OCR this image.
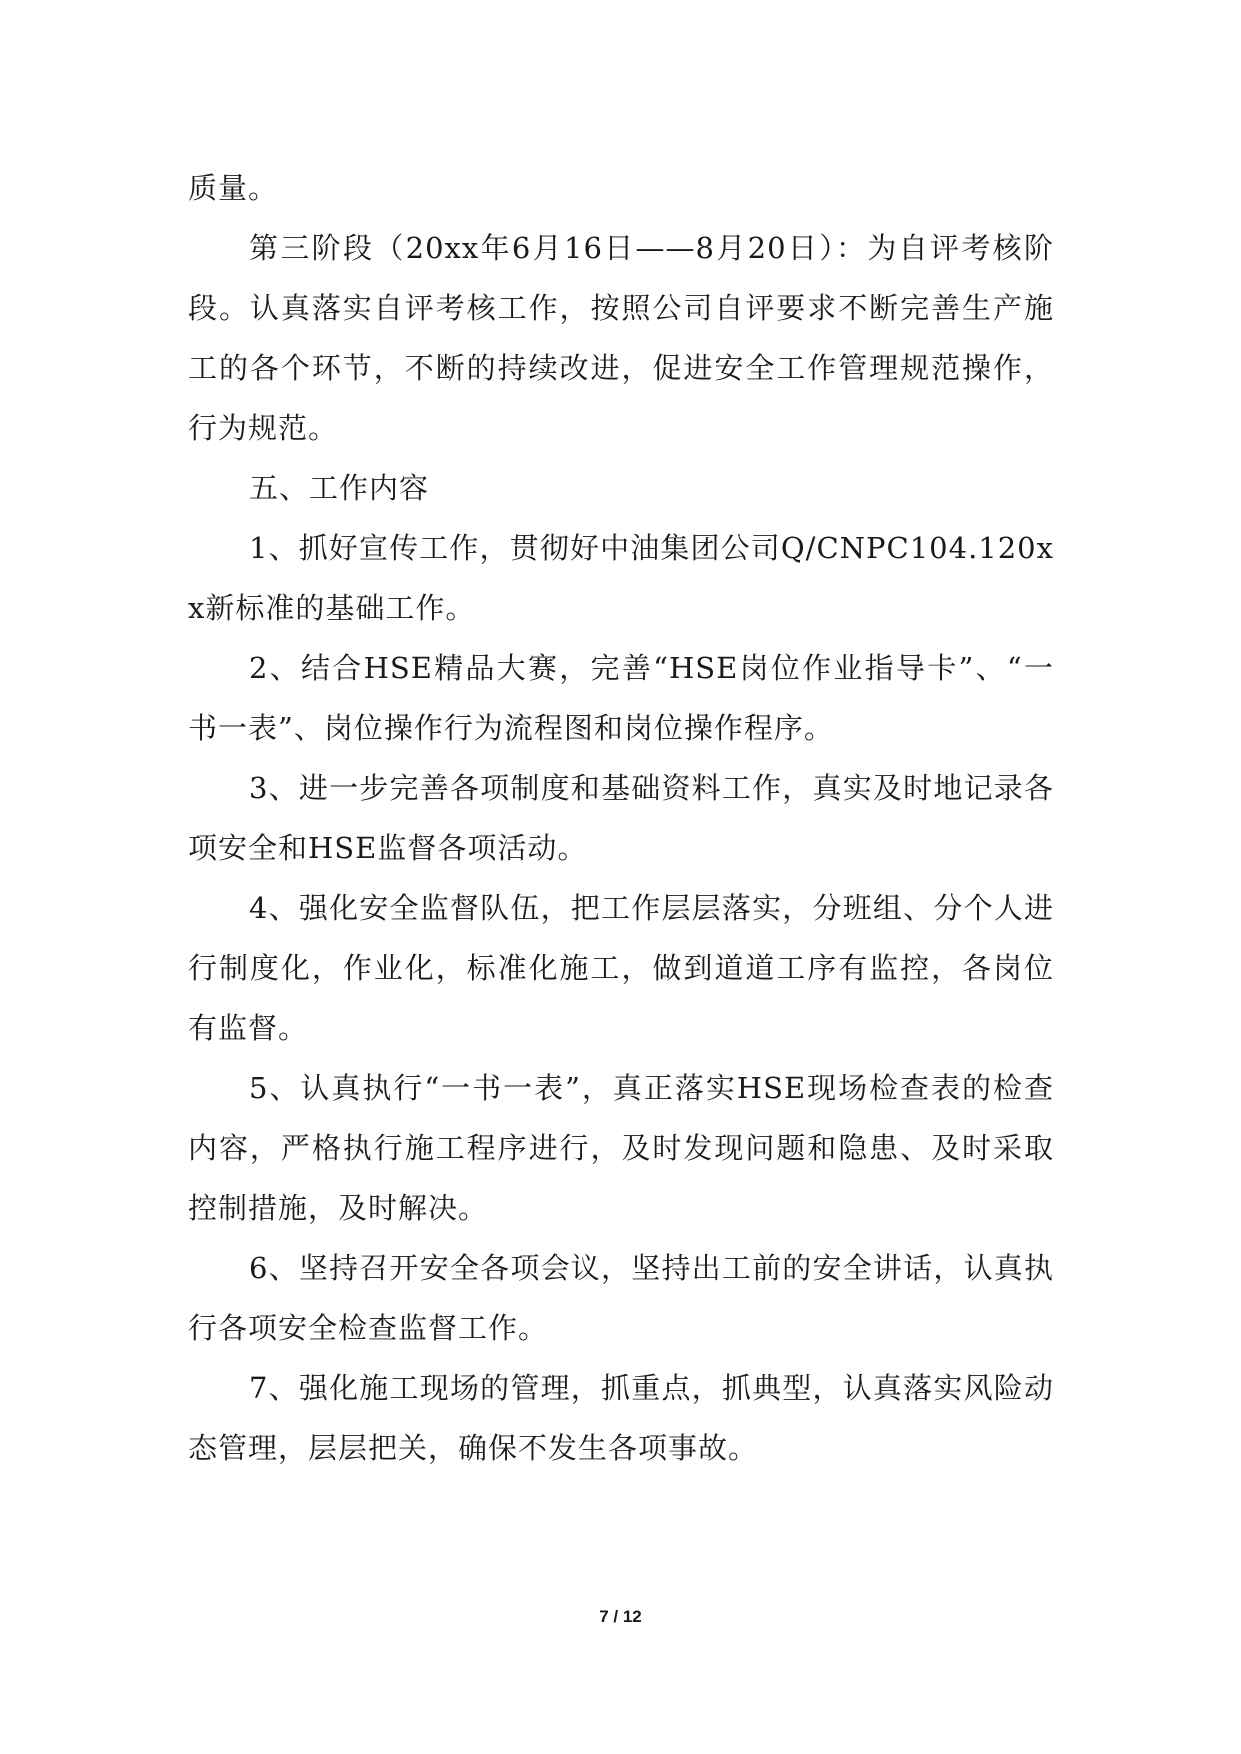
质量。

第三阶段（20xx年6月16日——8月20日）：为自评考核阶段。认真落实自评考核工作，按照公司自评要求不断完善生产施工的各个环节，不断的持续改进，促进安全工作管理规范操作，行为规范。

五、工作内容

1、抓好宣传工作，贯彻好中油集团公司Q/CNPC104.120xx新标准的基础工作。

2、结合HSE精品大赛，完善“HSE岗位作业指导卡”、“一书一表”、岗位操作行为流程图和岗位操作程序。

3、进一步完善各项制度和基础资料工作，真实及时地记录各项安全和HSE监督各项活动。

4、强化安全监督队伍，把工作层层落实，分班组、分个人进行制度化，作业化，标准化施工，做到道道工序有监控，各岗位有监督。

5、认真执行“一书一表”，真正落实HSE现场检查表的检查内容，严格执行施工程序进行，及时发现问题和隐患、及时采取控制措施，及时解决。

6、坚持召开安全各项会议，坚持出工前的安全讲话，认真执行各项安全检查监督工作。

7、强化施工现场的管理，抓重点，抓典型，认真落实风险动态管理，层层把关，确保不发生各项事故。

7 / 12
